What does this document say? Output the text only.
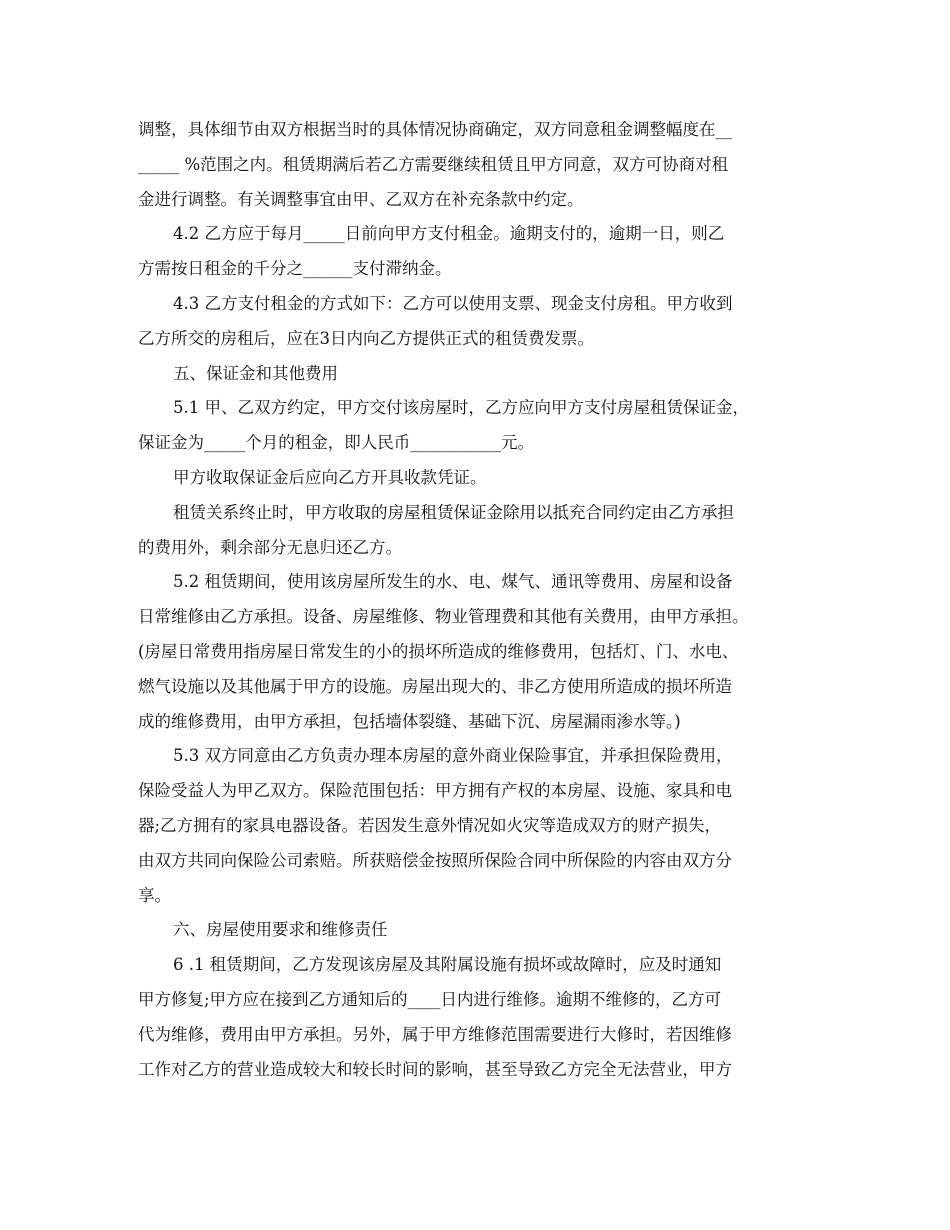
调整，具体细节由双方根据当时的具体情况协商确定，双方同意租金调整幅度在__
_____ %范围之内。租赁期满后若乙方需要继续租赁且甲方同意，双方可协商对租
金进行调整。有关调整事宜由甲、乙双方在补充条款中约定。
4.2 乙方应于每月_____日前向甲方支付租金。逾期支付的，逾期一日，则乙
方需按日租金的千分之______支付滞纳金。
4.3 乙方支付租金的方式如下：乙方可以使用支票、现金支付房租。甲方收到
乙方所交的房租后，应在3日内向乙方提供正式的租赁费发票。
五、保证金和其他费用
5.1 甲、乙双方约定，甲方交付该房屋时，乙方应向甲方支付房屋租赁保证金，
保证金为_____个月的租金，即人民币___________元。
甲方收取保证金后应向乙方开具收款凭证。
租赁关系终止时，甲方收取的房屋租赁保证金除用以抵充合同约定由乙方承担
的费用外，剩余部分无息归还乙方。
5.2 租赁期间，使用该房屋所发生的水、电、煤气、通讯等费用、房屋和设备
日常维修由乙方承担。设备、房屋维修、物业管理费和其他有关费用，由甲方承担。
(房屋日常费用指房屋日常发生的小的损坏所造成的维修费用，包括灯、门、水电、
燃气设施以及其他属于甲方的设施。房屋出现大的、非乙方使用所造成的损坏所造
成的维修费用，由甲方承担，包括墙体裂缝、基础下沉、房屋漏雨渗水等。)
5.3 双方同意由乙方负责办理本房屋的意外商业保险事宜，并承担保险费用，
保险受益人为甲乙双方。保险范围包括：甲方拥有产权的本房屋、设施、家具和电
器;乙方拥有的家具电器设备。若因发生意外情况如火灾等造成双方的财产损失，
由双方共同向保险公司索赔。所获赔偿金按照所保险合同中所保险的内容由双方分
享。
六、房屋使用要求和维修责任
6 .1 租赁期间，乙方发现该房屋及其附属设施有损坏或故障时，应及时通知
甲方修复;甲方应在接到乙方通知后的____日内进行维修。逾期不维修的，乙方可
代为维修，费用由甲方承担。另外，属于甲方维修范围需要进行大修时，若因维修
工作对乙方的营业造成较大和较长时间的影响，甚至导致乙方完全无法营业，甲方
